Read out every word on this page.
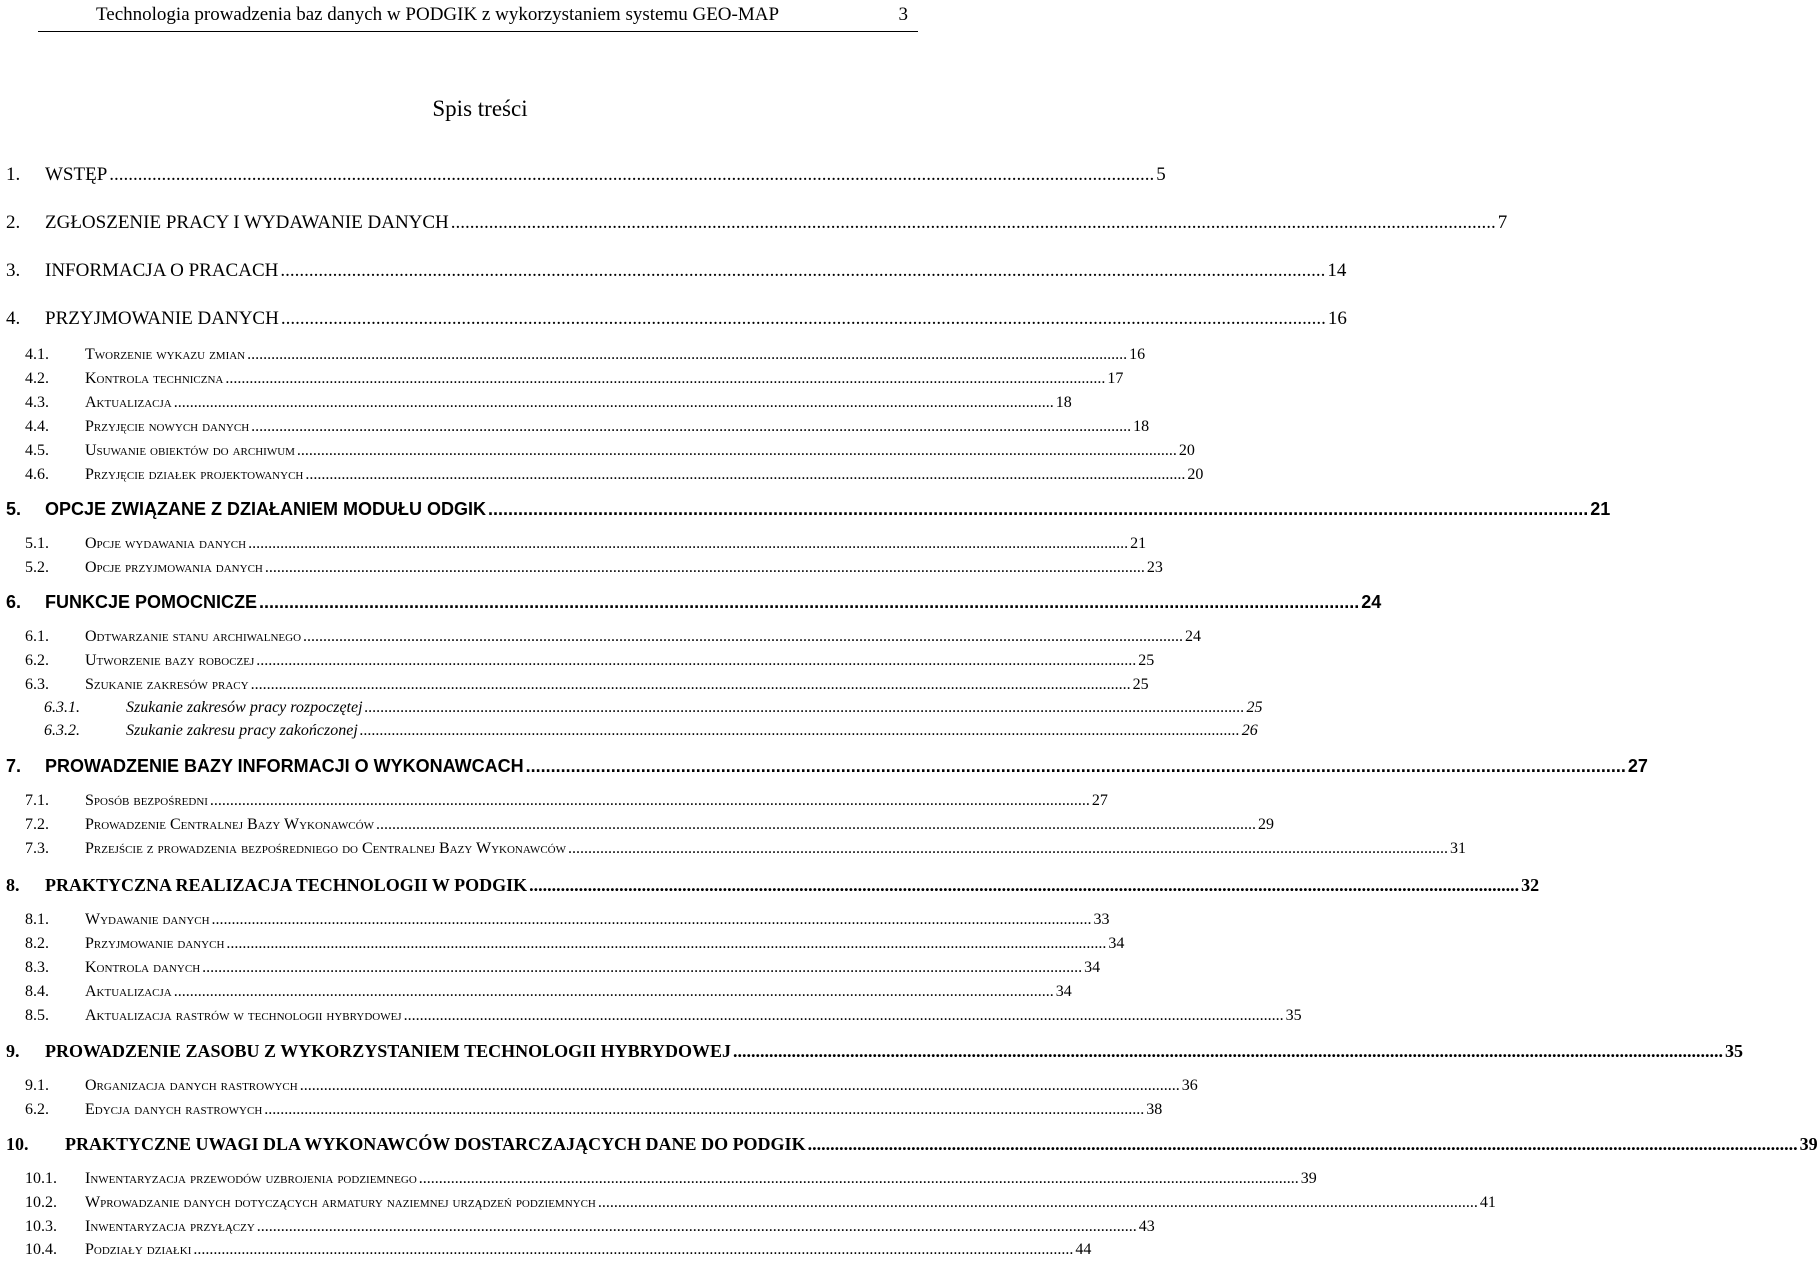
Technologia prowadzenia baz danych w PODGIK z wykorzystaniem systemu GEO-MAP	3
Spis treści
1.	WSTĘP ............................................................................................................................................................................................................................ 5
2.	ZGŁOSZENIE PRACY I WYDAWANIE DANYCH ............................................................................................................................................................................................................................ 7
3.	INFORMACJA O PRACACH ............................................................................................................................................................................................................................ 14
4.	PRZYJMOWANIE DANYCH ............................................................................................................................................................................................................................ 16
4.1.	Tworzenie wykazu zmian ............................................................................................................................................................................................................................ 16
4.2.	Kontrola techniczna ............................................................................................................................................................................................................................ 17
4.3.	Aktualizacja ............................................................................................................................................................................................................................ 18
4.4.	Przyjęcie nowych danych ............................................................................................................................................................................................................................ 18
4.5.	Usuwanie obiektów do archiwum ............................................................................................................................................................................................................................ 20
4.6.	Przyjęcie działek projektowanych ............................................................................................................................................................................................................................ 20
5.	OPCJE ZWIĄZANE Z DZIAŁANIEM MODUŁU ODGIK ............................................................................................................................................................................................................................ 21
5.1.	Opcje wydawania danych ............................................................................................................................................................................................................................ 21
5.2.	Opcje przyjmowania danych ............................................................................................................................................................................................................................ 23
6.	FUNKCJE POMOCNICZE ............................................................................................................................................................................................................................ 24
6.1.	Odtwarzanie stanu archiwalnego ............................................................................................................................................................................................................................ 24
6.2.	Utworzenie bazy roboczej ............................................................................................................................................................................................................................ 25
6.3.	Szukanie zakresów pracy ............................................................................................................................................................................................................................ 25
6.3.1.	Szukanie zakresów pracy rozpoczętej ............................................................................................................................................................................................................................ 25
6.3.2.	Szukanie zakresu pracy zakończonej ............................................................................................................................................................................................................................ 26
7.	PROWADZENIE BAZY INFORMACJI O WYKONAWCACH ............................................................................................................................................................................................................................ 27
7.1.	Sposób bezpośredni ............................................................................................................................................................................................................................ 27
7.2.	Prowadzenie Centralnej Bazy Wykonawców ............................................................................................................................................................................................................................ 29
7.3.	Przejście z prowadzenia bezpośredniego do Centralnej Bazy Wykonawców ............................................................................................................................................................................................................................ 31
8.	PRAKTYCZNA REALIZACJA TECHNOLOGII W PODGIK ............................................................................................................................................................................................................................ 32
8.1.	Wydawanie danych ............................................................................................................................................................................................................................ 33
8.2.	Przyjmowanie danych ............................................................................................................................................................................................................................ 34
8.3.	Kontrola danych ............................................................................................................................................................................................................................ 34
8.4.	Aktualizacja ............................................................................................................................................................................................................................ 34
8.5.	Aktualizacja rastrów w technologii hybrydowej ............................................................................................................................................................................................................................ 35
9.	PROWADZENIE ZASOBU Z WYKORZYSTANIEM TECHNOLOGII HYBRYDOWEJ ............................................................................................................................................................................................................................ 35
9.1.	Organizacja danych rastrowych ............................................................................................................................................................................................................................ 36
6.2.	Edycja danych rastrowych ............................................................................................................................................................................................................................ 38
10.	PRAKTYCZNE UWAGI DLA WYKONAWCÓW DOSTARCZAJĄCYCH DANE DO PODGIK ............................................................................................................................................................................................................................ 39
10.1.	Inwentaryzacja przewodów uzbrojenia podziemnego ............................................................................................................................................................................................................................ 39
10.2.	Wprowadzanie danych dotyczących armatury naziemnej urządzeń podziemnych ............................................................................................................................................................................................................................ 41
10.3.	Inwentaryzacja przyłączy ............................................................................................................................................................................................................................ 43
10.4.	Podziały działki ............................................................................................................................................................................................................................ 44
